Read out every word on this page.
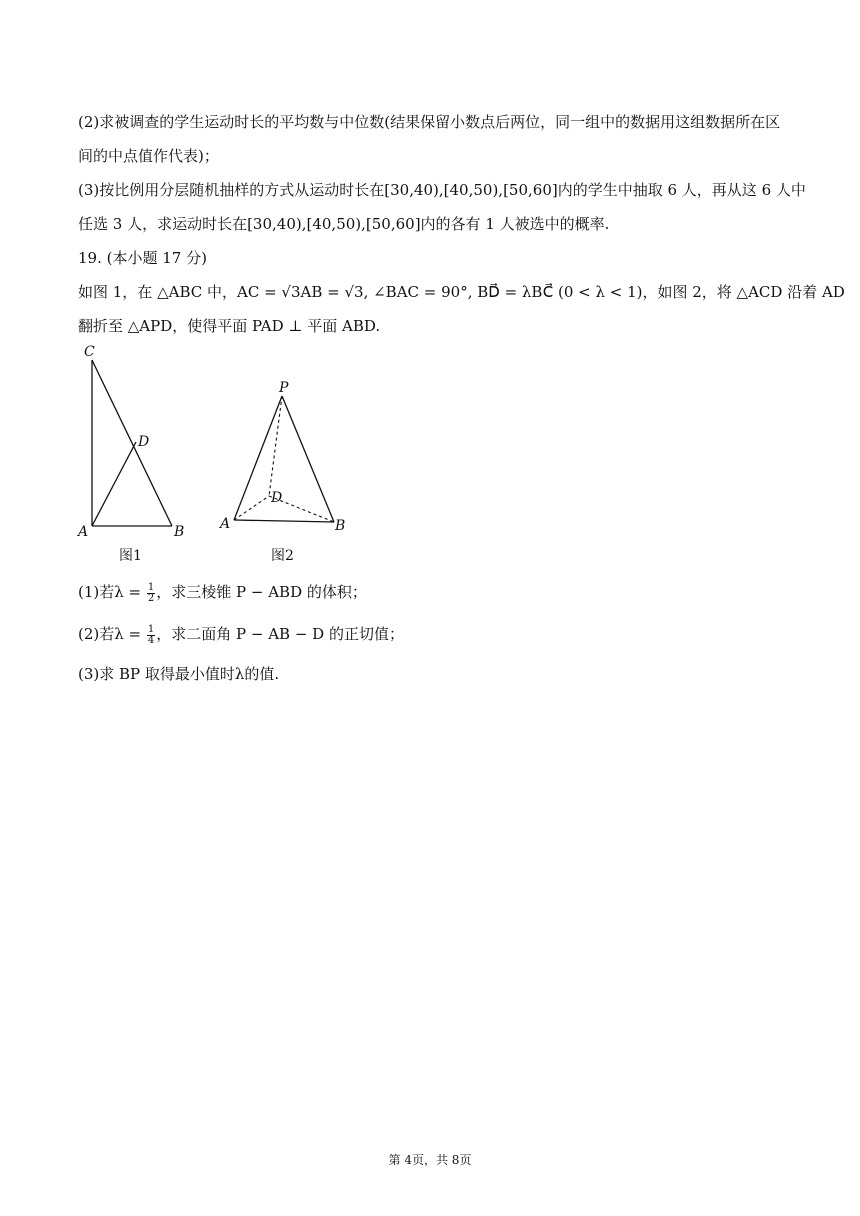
(2)求被调查的学生运动时长的平均数与中位数(结果保留小数点后两位，同一组中的数据用这组数据所在区
间的中点值作代表)；
(3)按比例用分层随机抽样的方式从运动时长在[30,40),[40,50),[50,60]内的学生中抽取 6 人，再从这 6 人中
任选 3 人，求运动时长在[30,40),[40,50),[50,60]内的各有 1 人被选中的概率.
19. (本小题 17 分)
如图 1，在 △ABC 中，AC = √3AB = √3, ∠BAC = 90°, BD⃗ = λBC⃗ (0 < λ < 1)，如图 2，将 △ACD 沿着 AD
翻折至 △APD，使得平面 PAD ⊥ 平面 ABD.
C
D
A	B
图1
P
D
A	B
图2
(1)若$\lambda = \frac{1}{2}$ ，求三棱锥 P − ABD 的体积；
(2)若$\lambda = \frac{1}{4}$ ，求二面角 P − AB − D 的正切值；
(3)求 BP 取得最小值时λ的值.
第 4页，共 8页
